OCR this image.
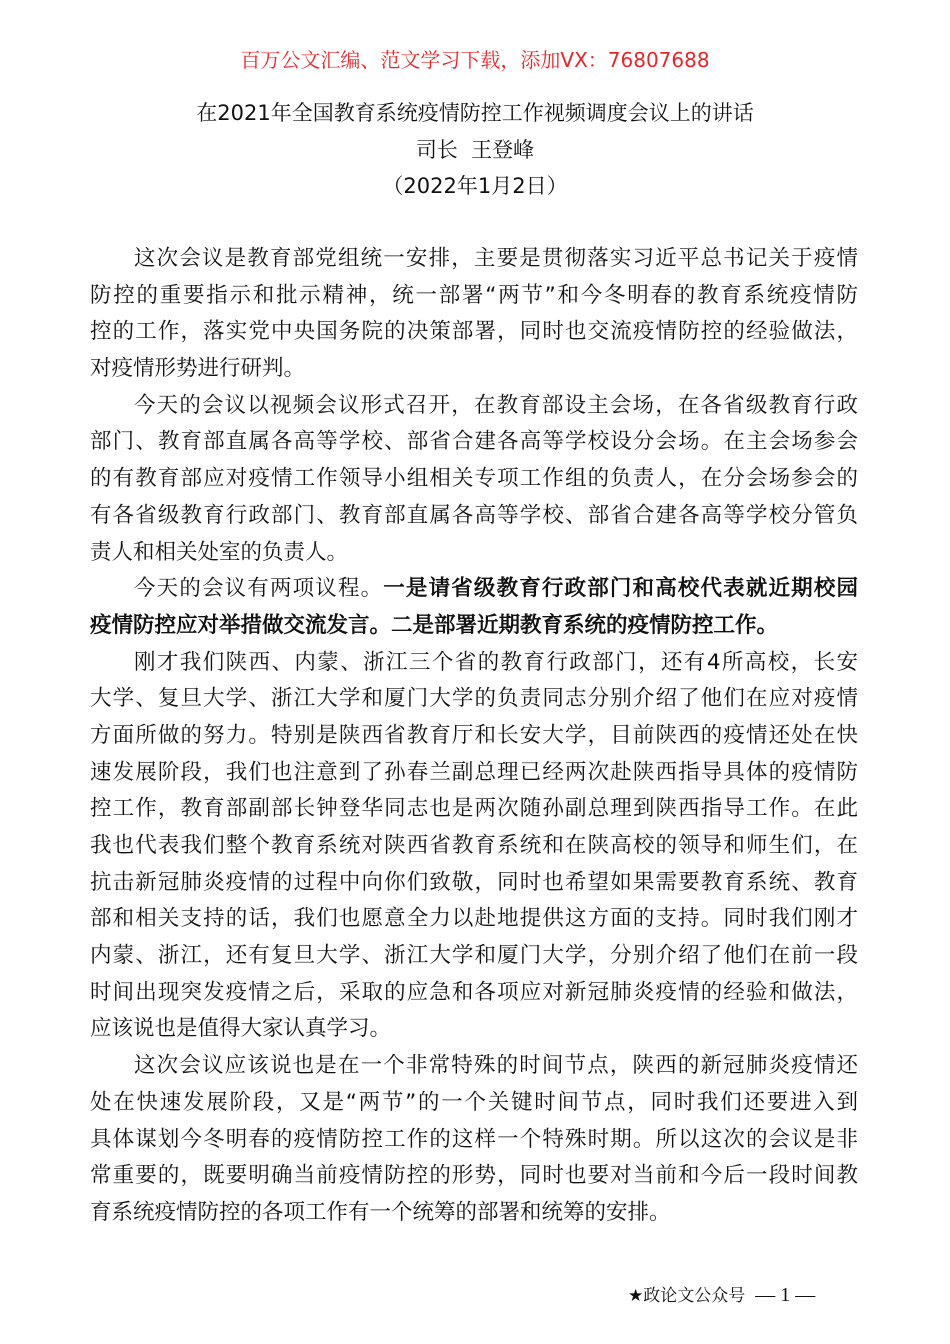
百万公文汇编、范文学习下载，添加VX：76807688
在2021年全国教育系统疫情防控工作视频调度会议上的讲话
司长  王登峰
（2022年1月2日）
这次会议是教育部党组统一安排，主要是贯彻落实习近平总书记关于疫情
防控的重要指示和批示精神，统一部署“两节”和今冬明春的教育系统疫情防
控的工作，落实党中央国务院的决策部署，同时也交流疫情防控的经验做法，
对疫情形势进行研判。
今天的会议以视频会议形式召开，在教育部设主会场，在各省级教育行政
部门、教育部直属各高等学校、部省合建各高等学校设分会场。在主会场参会
的有教育部应对疫情工作领导小组相关专项工作组的负责人，在分会场参会的
有各省级教育行政部门、教育部直属各高等学校、部省合建各高等学校分管负
责人和相关处室的负责人。
今天的会议有两项议程。一是请省级教育行政部门和高校代表就近期校园
疫情防控应对举措做交流发言。二是部署近期教育系统的疫情防控工作。
刚才我们陕西、内蒙、浙江三个省的教育行政部门，还有4所高校，长安
大学、复旦大学、浙江大学和厦门大学的负责同志分别介绍了他们在应对疫情
方面所做的努力。特别是陕西省教育厅和长安大学，目前陕西的疫情还处在快
速发展阶段，我们也注意到了孙春兰副总理已经两次赴陕西指导具体的疫情防
控工作，教育部副部长钟登华同志也是两次随孙副总理到陕西指导工作。在此
我也代表我们整个教育系统对陕西省教育系统和在陕高校的领导和师生们，在
抗击新冠肺炎疫情的过程中向你们致敬，同时也希望如果需要教育系统、教育
部和相关支持的话，我们也愿意全力以赴地提供这方面的支持。同时我们刚才
内蒙、浙江，还有复旦大学、浙江大学和厦门大学，分别介绍了他们在前一段
时间出现突发疫情之后，采取的应急和各项应对新冠肺炎疫情的经验和做法，
应该说也是值得大家认真学习。
这次会议应该说也是在一个非常特殊的时间节点，陕西的新冠肺炎疫情还
处在快速发展阶段，又是“两节”的一个关键时间节点，同时我们还要进入到
具体谋划今冬明春的疫情防控工作的这样一个特殊时期。所以这次的会议是非
常重要的，既要明确当前疫情防控的形势，同时也要对当前和今后一段时间教
育系统疫情防控的各项工作有一个统筹的部署和统筹的安排。
★政论文公众号 — 1 —
